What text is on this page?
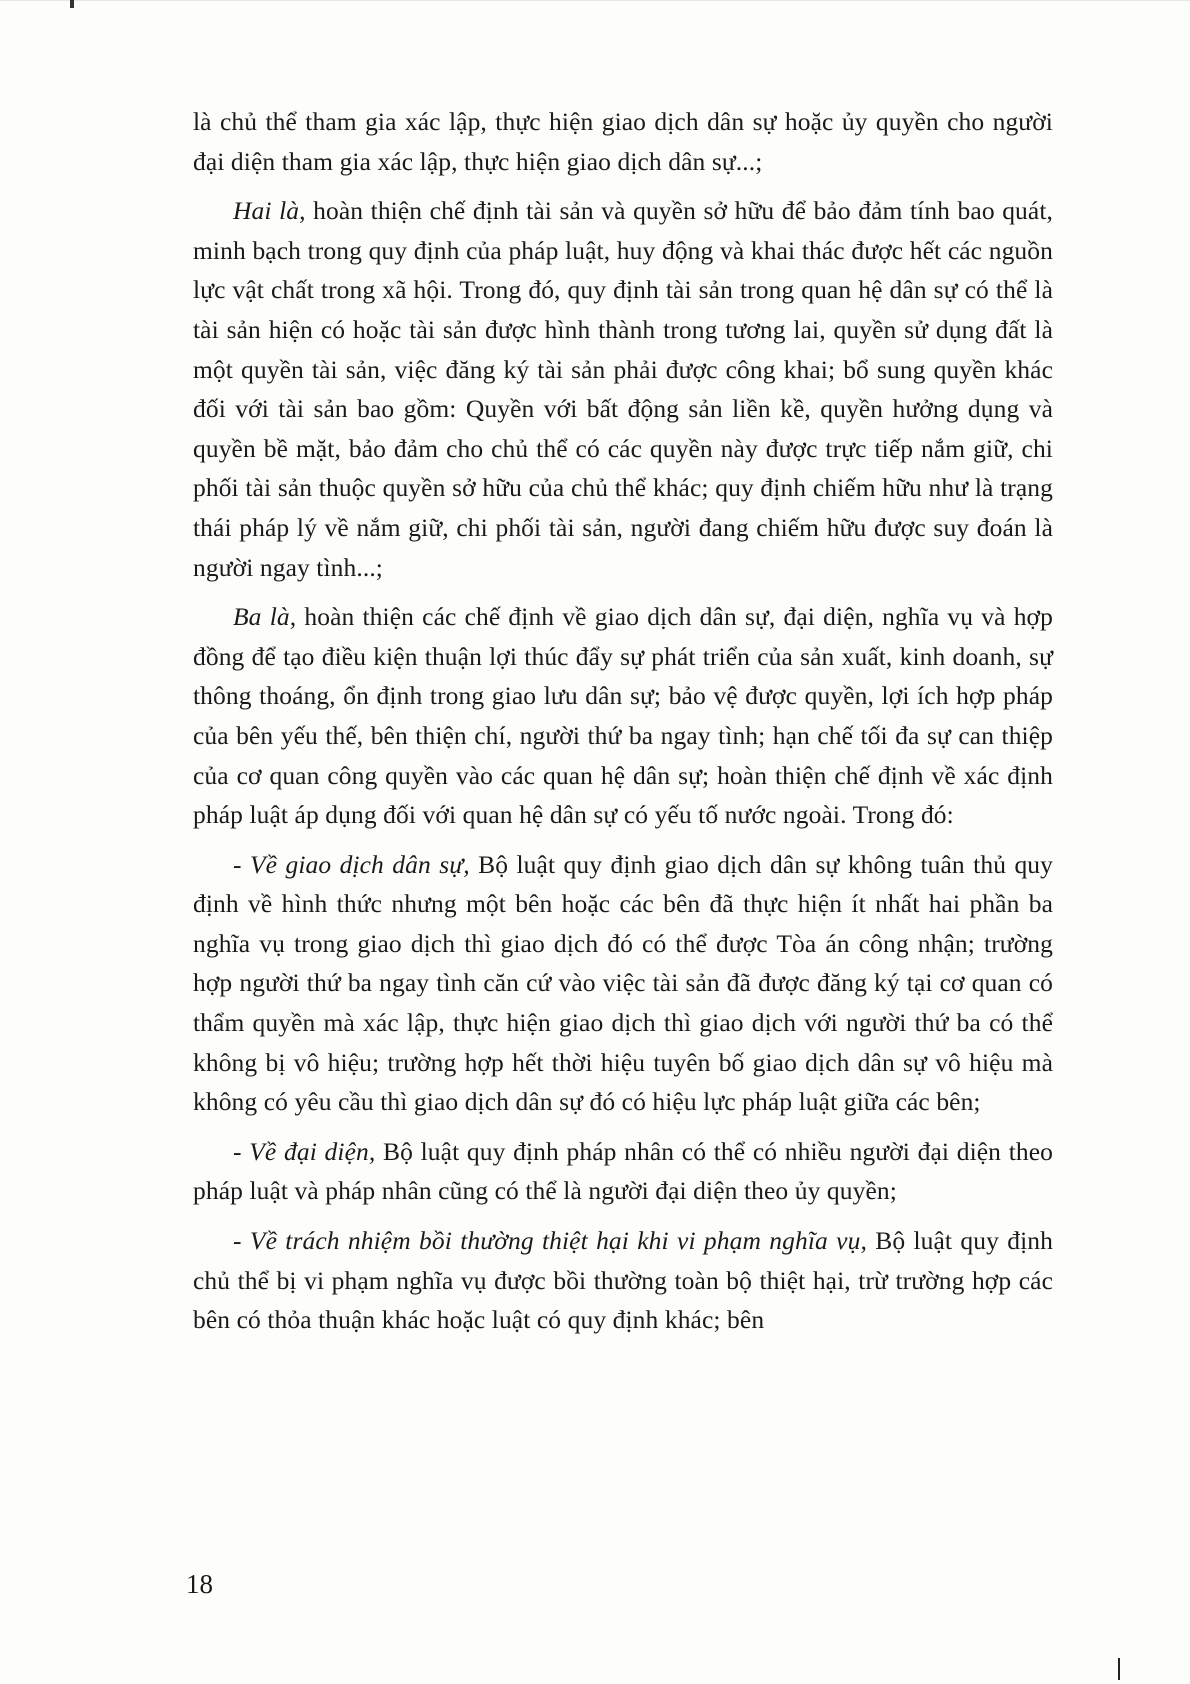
là chủ thể tham gia xác lập, thực hiện giao dịch dân sự hoặc ủy quyền cho người đại diện tham gia xác lập, thực hiện giao dịch dân sự...;

Hai là, hoàn thiện chế định tài sản và quyền sở hữu để bảo đảm tính bao quát, minh bạch trong quy định của pháp luật, huy động và khai thác được hết các nguồn lực vật chất trong xã hội. Trong đó, quy định tài sản trong quan hệ dân sự có thể là tài sản hiện có hoặc tài sản được hình thành trong tương lai, quyền sử dụng đất là một quyền tài sản, việc đăng ký tài sản phải được công khai; bổ sung quyền khác đối với tài sản bao gồm: Quyền với bất động sản liền kề, quyền hưởng dụng và quyền bề mặt, bảo đảm cho chủ thể có các quyền này được trực tiếp nắm giữ, chi phối tài sản thuộc quyền sở hữu của chủ thể khác; quy định chiếm hữu như là trạng thái pháp lý về nắm giữ, chi phối tài sản, người đang chiếm hữu được suy đoán là người ngay tình...;

Ba là, hoàn thiện các chế định về giao dịch dân sự, đại diện, nghĩa vụ và hợp đồng để tạo điều kiện thuận lợi thúc đẩy sự phát triển của sản xuất, kinh doanh, sự thông thoáng, ổn định trong giao lưu dân sự; bảo vệ được quyền, lợi ích hợp pháp của bên yếu thế, bên thiện chí, người thứ ba ngay tình; hạn chế tối đa sự can thiệp của cơ quan công quyền vào các quan hệ dân sự; hoàn thiện chế định về xác định pháp luật áp dụng đối với quan hệ dân sự có yếu tố nước ngoài. Trong đó:

- Về giao dịch dân sự, Bộ luật quy định giao dịch dân sự không tuân thủ quy định về hình thức nhưng một bên hoặc các bên đã thực hiện ít nhất hai phần ba nghĩa vụ trong giao dịch thì giao dịch đó có thể được Tòa án công nhận; trường hợp người thứ ba ngay tình căn cứ vào việc tài sản đã được đăng ký tại cơ quan có thẩm quyền mà xác lập, thực hiện giao dịch thì giao dịch với người thứ ba có thể không bị vô hiệu; trường hợp hết thời hiệu tuyên bố giao dịch dân sự vô hiệu mà không có yêu cầu thì giao dịch dân sự đó có hiệu lực pháp luật giữa các bên;

- Về đại diện, Bộ luật quy định pháp nhân có thể có nhiều người đại diện theo pháp luật và pháp nhân cũng có thể là người đại diện theo ủy quyền;

- Về trách nhiệm bồi thường thiệt hại khi vi phạm nghĩa vụ, Bộ luật quy định chủ thể bị vi phạm nghĩa vụ được bồi thường toàn bộ thiệt hại, trừ trường hợp các bên có thỏa thuận khác hoặc luật có quy định khác; bên

18
